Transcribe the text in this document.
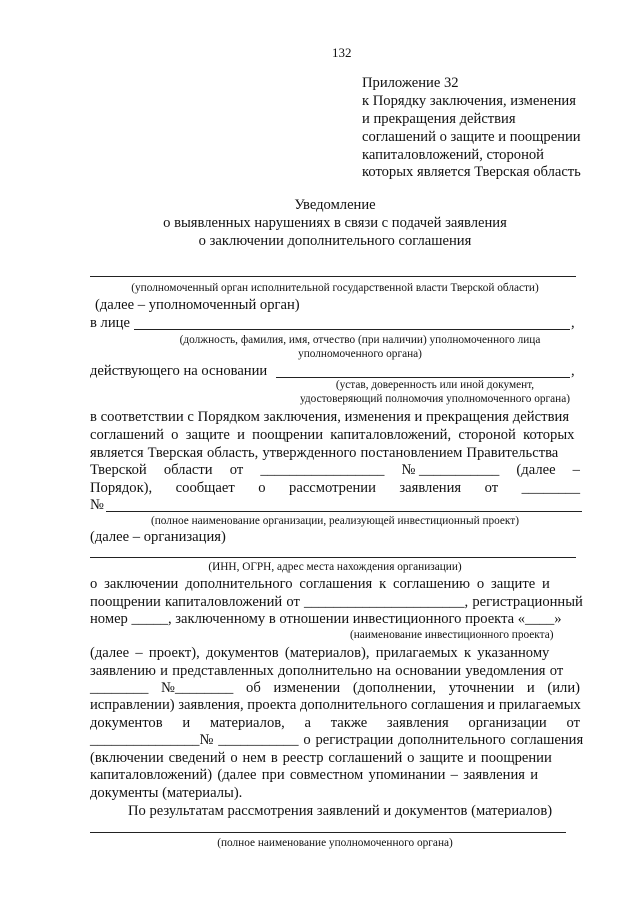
132
Приложение 32
к Порядку заключения, изменения
и прекращения действия
соглашений о защите и поощрении
капиталовложений, стороной
которых является Тверская область
Уведомление
о выявленных нарушениях в связи с подачей заявления
о заключении дополнительного соглашения
(уполномоченный орган исполнительной государственной власти Тверской области)
(далее – уполномоченный орган)
в лице	,
(должность, фамилия, имя, отчество (при наличии) уполномоченного лица
уполномоченного органа)
действующего на основании	,
(устав, доверенность или иной документ,
удостоверяющий полномочия уполномоченного органа)
в соответствии с Порядком заключения, изменения и прекращения действия
соглашений о защите и поощрении капиталовложений, стороной которых
является Тверская область, утвержденного постановлением Правительства
Тверской области от _________________ № ___________ (далее –
Порядок), сообщает о рассмотрении заявления от ________
№
(полное наименование организации, реализующей инвестиционный проект)
(далее – организация)
(ИНН, ОГРН, адрес места нахождения организации)
о заключении дополнительного соглашения к соглашению о защите и
поощрении капиталовложений от ______________________, регистрационный
номер _____, заключенному в отношении инвестиционного проекта «____»
(наименование инвестиционного проекта)
(далее – проект), документов (материалов), прилагаемых к указанному
заявлению и представленных дополнительно на основании уведомления от
________ №________ об изменении (дополнении, уточнении и (или)
исправлении) заявления, проекта дополнительного соглашения и прилагаемых
документов и материалов, а также заявления организации от
_______________№ ___________ о регистрации дополнительного соглашения
(включении сведений о нем в реестр соглашений о защите и поощрении
капиталовложений) (далее при совместном упоминании – заявления и
документы (материалы).
По результатам рассмотрения заявлений и документов (материалов)
(полное наименование уполномоченного органа)
